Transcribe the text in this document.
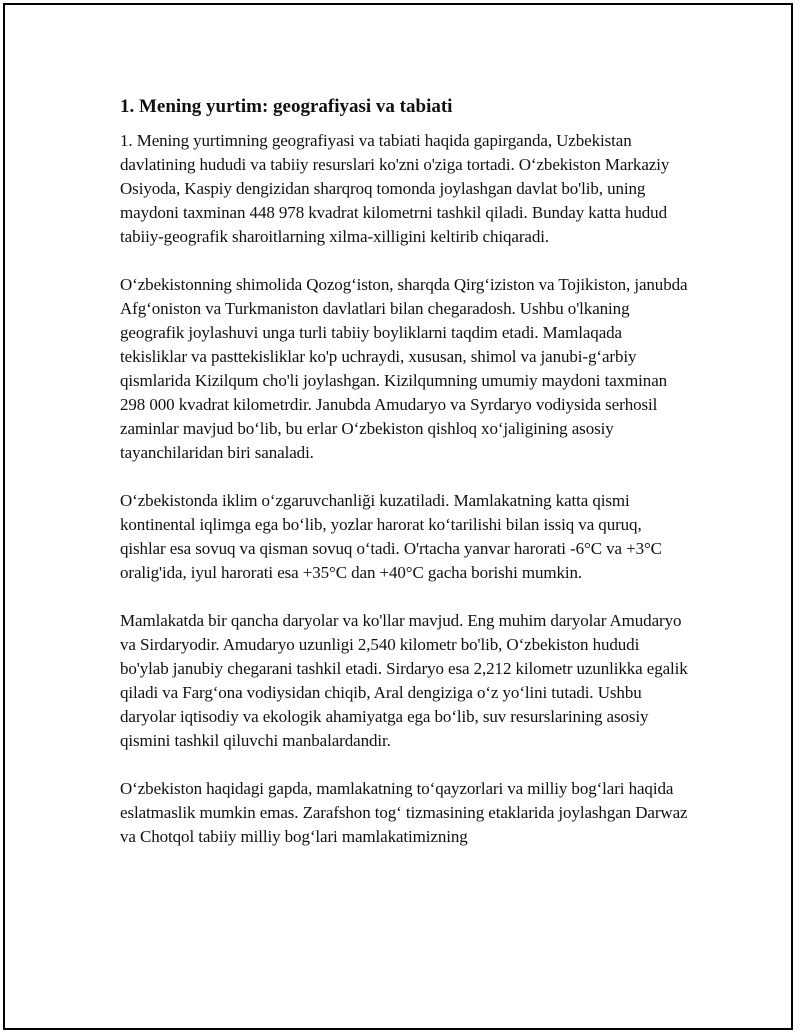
1. Mening yurtim: geografiyasi va tabiati

1. Mening yurtimning geografiyasi va tabiati haqida gapirganda, Uzbekistan davlatining hududi va tabiiy resurslari ko'zni o'ziga tortadi. O‘zbekiston Markaziy Osiyoda, Kaspiy dengizidan sharqroq tomonda joylashgan davlat bo'lib, uning maydoni taxminan 448 978 kvadrat kilometrni tashkil qiladi. Bunday katta hudud tabiiy-geografik sharoitlarning xilma-xilligini keltirib chiqaradi.

O‘zbekistonning shimolida Qozog‘iston, sharqda Qirg‘iziston va Tojikiston, janubda Afg‘oniston va Turkmaniston davlatlari bilan chegaradosh. Ushbu o'lkaning geografik joylashuvi unga turli tabiiy boyliklarni taqdim etadi. Mamlaqada tekisliklar va pasttekisliklar ko'p uchraydi, xususan, shimol va janubi-g‘arbiy qismlarida Kizilqum cho'li joylashgan. Kizilqumning umumiy maydoni taxminan 298 000 kvadrat kilometrdir. Janubda Amudaryo va Syrdaryo vodiysida serhosil zaminlar mavjud bo‘lib, bu erlar O‘zbekiston qishloq xo‘jaligining asosiy tayanchilaridan biri sanaladi.

O‘zbekistonda iklim o‘zgaruvchanliği kuzatiladi. Mamlakatning katta qismi kontinental iqlimga ega bo‘lib, yozlar harorat ko‘tarilishi bilan issiq va quruq, qishlar esa sovuq va qisman sovuq o‘tadi. O'rtacha yanvar harorati -6°C va +3°C oralig'ida, iyul harorati esa +35°C dan +40°C gacha borishi mumkin.

Mamlakatda bir qancha daryolar va ko'llar mavjud. Eng muhim daryolar Amudaryo va Sirdaryodir. Amudaryo uzunligi 2,540 kilometr bo'lib, O‘zbekiston hududi bo'ylab janubiy chegarani tashkil etadi. Sirdaryo esa 2,212 kilometr uzunlikka egalik qiladi va Farg‘ona vodiysidan chiqib, Aral dengiziga o‘z yo‘lini tutadi. Ushbu daryolar iqtisodiy va ekologik ahamiyatga ega bo‘lib, suv resurslarining asosiy qismini tashkil qiluvchi manbalardandir.

O‘zbekiston haqidagi gapda, mamlakatning to‘qayzorlari va milliy bog‘lari haqida eslatmaslik mumkin emas. Zarafshon tog‘ tizmasining etaklarida joylashgan Darwaz va Chotqol tabiiy milliy bog‘lari mamlakatimizning
